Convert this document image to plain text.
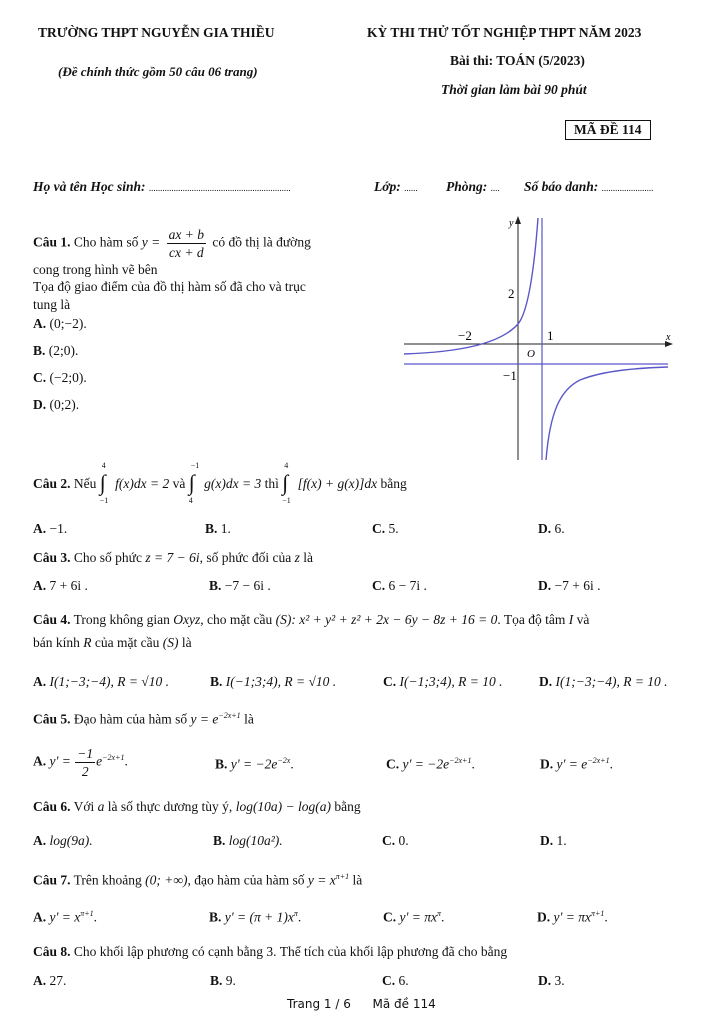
TRƯỜNG THPT NGUYỄN GIA THIỀU
(Đề chính thức gồm 50 câu 06 trang)
KỲ THI THỬ TỐT NGHIỆP THPT NĂM 2023
Bài thi: TOÁN (5/2023)
Thời gian làm bài 90 phút
MÃ ĐỀ 114
Họ và tên Học sinh: ...............................................................	Lớp: ...... Phòng: .... Số báo danh: .......................
Câu 1. Cho hàm số $y = \frac{ax + b}{cx + d}$ có đồ thị là đường
cong trong hình vẽ bên
Tọa độ giao điểm của đồ thị hàm số đã cho và trục
tung là
A. (0;−2).
B. (2;0).
C. (−2;0).
D. (0;2).
y
x
O
2
−2	1
−1
Câu 2. Nếu
4
∫
−1
f(x)dx = 2 và
−1
∫
4
g(x)dx = 3 thì
4
∫
−1
[f(x) + g(x)]dx bằng
A. −1.	B. 1.	C. 5.	D. 6.
Câu 3. Cho số phức z = 7 − 6i, số phức đối của z là
A. 7 + 6i .	B. −7 − 6i .	C. 6 − 7i .	D. −7 + 6i .
Câu 4. Trong không gian Oxyz, cho mặt cầu (S): x² + y² + z² + 2x − 6y − 8z + 16 = 0. Tọa độ tâm I và
bán kính R của mặt cầu (S) là
A. I(1;−3;−4), R = √10 .	B. I(−1;3;4), R = √10 .	C. I(−1;3;4), R = 10 .	D. I(1;−3;−4), R = 10 .
Câu 5. Đạo hàm của hàm số $y = e^{-2x+1}$ là
A. $y' = \frac{-1}{2} e^{-2x+1}$.	B. $y' = -2e^{-2x}$.	C. $y' = -2e^{-2x+1}$.	D. $y' = e^{-2x+1}$.
Câu 6. Với a là số thực dương tùy ý, log(10a) − log(a) bằng
A. log(9a).	B. log(10a²).	C. 0.	D. 1.
Câu 7. Trên khoảng (0; +∞), đạo hàm của hàm số $y = x^{\pi+1}$ là
A. $y' = x^{\pi+1}$.	B. $y' = (\pi + 1)x^\pi$.	C. $y' = \pi x^\pi$.	D. $y' = \pi x^{\pi+1}$.
Câu 8. Cho khối lập phương có cạnh bằng 3. Thể tích của khối lập phương đã cho bằng
A. 27.	B. 9.	C. 6.	D. 3.
Trang 1 / 6 Mã đề 114
